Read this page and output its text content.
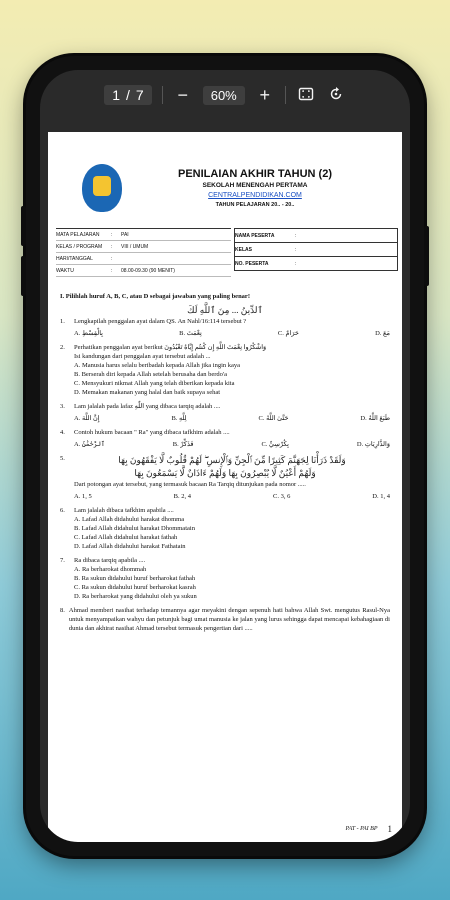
1 / 7 −	60%	+
PENILAIAN AKHIR TAHUN (2)
SEKOLAH MENENGAH PERTAMA
CENTRALPENDIDIKAN.COM
TAHUN PELAJARAN 20.. - 20..
MATA PELAJARAN	:	PAI
KELAS / PROGRAM	:	VIII / UMUM
HARI/TANGGAL	:
WAKTU	:	08.00-09.30 (90 MENIT)
NAMA PESERTA	:
KELAS	:
NO. PESERTA	:
I. Pilihlah huruf A, B, C, atau D sebagai jawaban yang paling benar!
ٱلدِّينُ ... مِنَ ٱللَّهِ لَكَ
1.	Lengkapilah penggalan ayat dalam QS. An Nahl/16:114 tersebut ?
A. بِالْقِسْطِ	B. نِعْمَتَ	C. حَرَامٌ	D. مَعَ
2.	Perhatikan penggalan ayat berikut وَاشْكُرُوا نِعْمَتَ اللَّهِ إِن كُنتُم إِيَّاهُ تَعْبُدُونَ
Isi kandungan dari penggalan ayat tersebut adalah ...
A. Manusia harus selalu beribadah kepada Allah jika ingin kaya
B. Berserah diri kepada Allah setelah berusaha dan berdo'a
C. Mensyukuri nikmat Allah yang telah diberikan kepada kita
D. Memakan makanan yang halal dan baik supaya sehat
3.	Lam jalalah pada lafaz اللّٰهِ yang dibaca tarqiq adalah ....
A. إِنَّ اللَّهَ	B. لِلَّهِ	C. حَتَّىٰ اللَّهُ	D. طَبَعَ اللَّهُ
4.	Contoh hukum bacaan " Ra" yang dibaca tafkhim adalah ....
A. ٱلرَّحْمَٰنُ	B. فَذَكِّرْ	C. بِكُرْسِيِّ	D. وَالذَّارِيَاتِ
5.	وَلَقَدْ ذَرَأْنَا لِجَهَنَّمَ كَثِيرًا مِّنَ ٱلْجِنِّ وَٱلْإِنسِ ۖ لَهُمْ قُلُوبٌ لَّا يَفْقَهُونَ بِهَا
وَلَهُمْ أَعْيُنٌ لَّا يُبْصِرُونَ بِهَا وَلَهُمْ ءَاذَانٌ لَّا يَسْمَعُونَ بِهَا
Dari potongan ayat tersebut, yang termasuk bacaan Ra Tarqiq ditunjukan pada nomor .....
A. 1, 5	B. 2, 4	C. 3, 6	D. 1, 4
6.	Lam jalalah dibaca tafkhim apabila ....
A. Lafad Allah didahului harakat dhomma
B. Lafad Allah didahului harakat Dhommatain
C. Lafad Allah didahului harakat fathah
D. Lafad Allah didahului harakat Fathatain
7.	Ra dibaca tarqiq apabila ....
A. Ra berharokat dhommah
B. Ra sukun didahului huruf berharokat fathah
C. Ra sukun didahului huruf berharokat kasrah
D. Ra berharokat yang didahului oleh ya sukun
8. Ahmad memberi nasihat terhadap temannya agar meyakini dengan sepenuh hati bahwa Allah Swt. mengutus Rasul-Nya untuk menyampaikan wahyu dan petunjuk bagi umat manusia ke jalan yang lurus sehingga dapat mencapai kebahagiaan di dunia dan akhirat nasihat Ahmad tersebut termasuk pengertian dari .....
PAT - PAI BP 1
